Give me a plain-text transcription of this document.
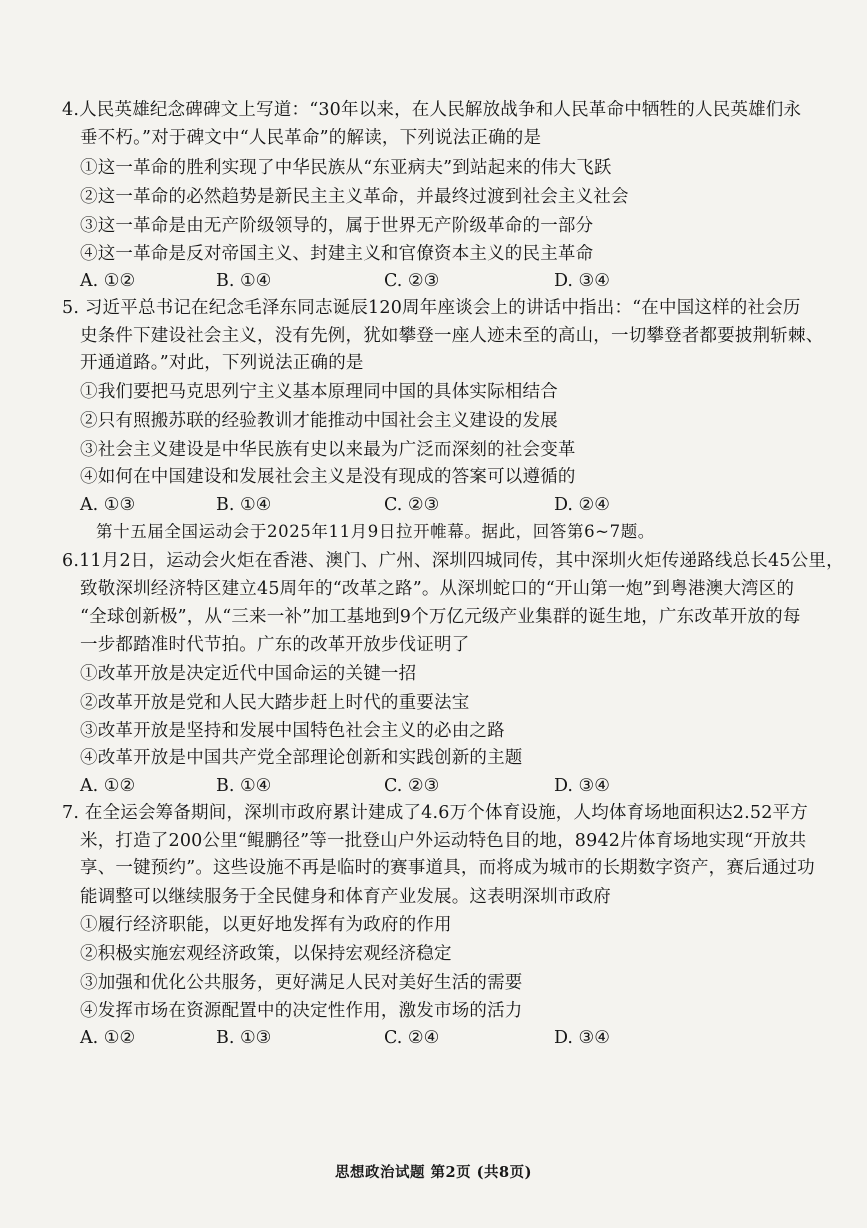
4.人民英雄纪念碑碑文上写道：“30年以来，在人民解放战争和人民革命中牺牲的人民英雄们永
垂不朽。”对于碑文中“人民革命”的解读，下列说法正确的是
①这一革命的胜利实现了中华民族从“东亚病夫”到站起来的伟大飞跃
②这一革命的必然趋势是新民主主义革命，并最终过渡到社会主义社会
③这一革命是由无产阶级领导的，属于世界无产阶级革命的一部分
④这一革命是反对帝国主义、封建主义和官僚资本主义的民主革命
A. ①②	B. ①④	C. ②③	D. ③④
5. 习近平总书记在纪念毛泽东同志诞辰120周年座谈会上的讲话中指出：“在中国这样的社会历
史条件下建设社会主义，没有先例，犹如攀登一座人迹未至的高山，一切攀登者都要披荆斩棘、
开通道路。”对此，下列说法正确的是
①我们要把马克思列宁主义基本原理同中国的具体实际相结合
②只有照搬苏联的经验教训才能推动中国社会主义建设的发展
③社会主义建设是中华民族有史以来最为广泛而深刻的社会变革
④如何在中国建设和发展社会主义是没有现成的答案可以遵循的
A. ①③	B. ①④	C. ②③	D. ②④
第十五届全国运动会于2025年11月9日拉开帷幕。据此，回答第6~7题。
6.11月2日，运动会火炬在香港、澳门、广州、深圳四城同传，其中深圳火炬传递路线总长45公里，
致敬深圳经济特区建立45周年的“改革之路”。从深圳蛇口的“开山第一炮”到粤港澳大湾区的
“全球创新极”，从“三来一补”加工基地到9个万亿元级产业集群的诞生地，广东改革开放的每
一步都踏准时代节拍。广东的改革开放步伐证明了
①改革开放是决定近代中国命运的关键一招
②改革开放是党和人民大踏步赶上时代的重要法宝
③改革开放是坚持和发展中国特色社会主义的必由之路
④改革开放是中国共产党全部理论创新和实践创新的主题
A. ①②	B. ①④	C. ②③	D. ③④
7. 在全运会筹备期间，深圳市政府累计建成了4.6万个体育设施，人均体育场地面积达2.52平方
米，打造了200公里“鲲鹏径”等一批登山户外运动特色目的地，8942片体育场地实现“开放共
享、一键预约”。这些设施不再是临时的赛事道具，而将成为城市的长期数字资产，赛后通过功
能调整可以继续服务于全民健身和体育产业发展。这表明深圳市政府
①履行经济职能，以更好地发挥有为政府的作用
②积极实施宏观经济政策，以保持宏观经济稳定
③加强和优化公共服务，更好满足人民对美好生活的需要
④发挥市场在资源配置中的决定性作用，激发市场的活力
A. ①②	B. ①③	C. ②④	D. ③④
思想政治试题 第2页 (共8页)
